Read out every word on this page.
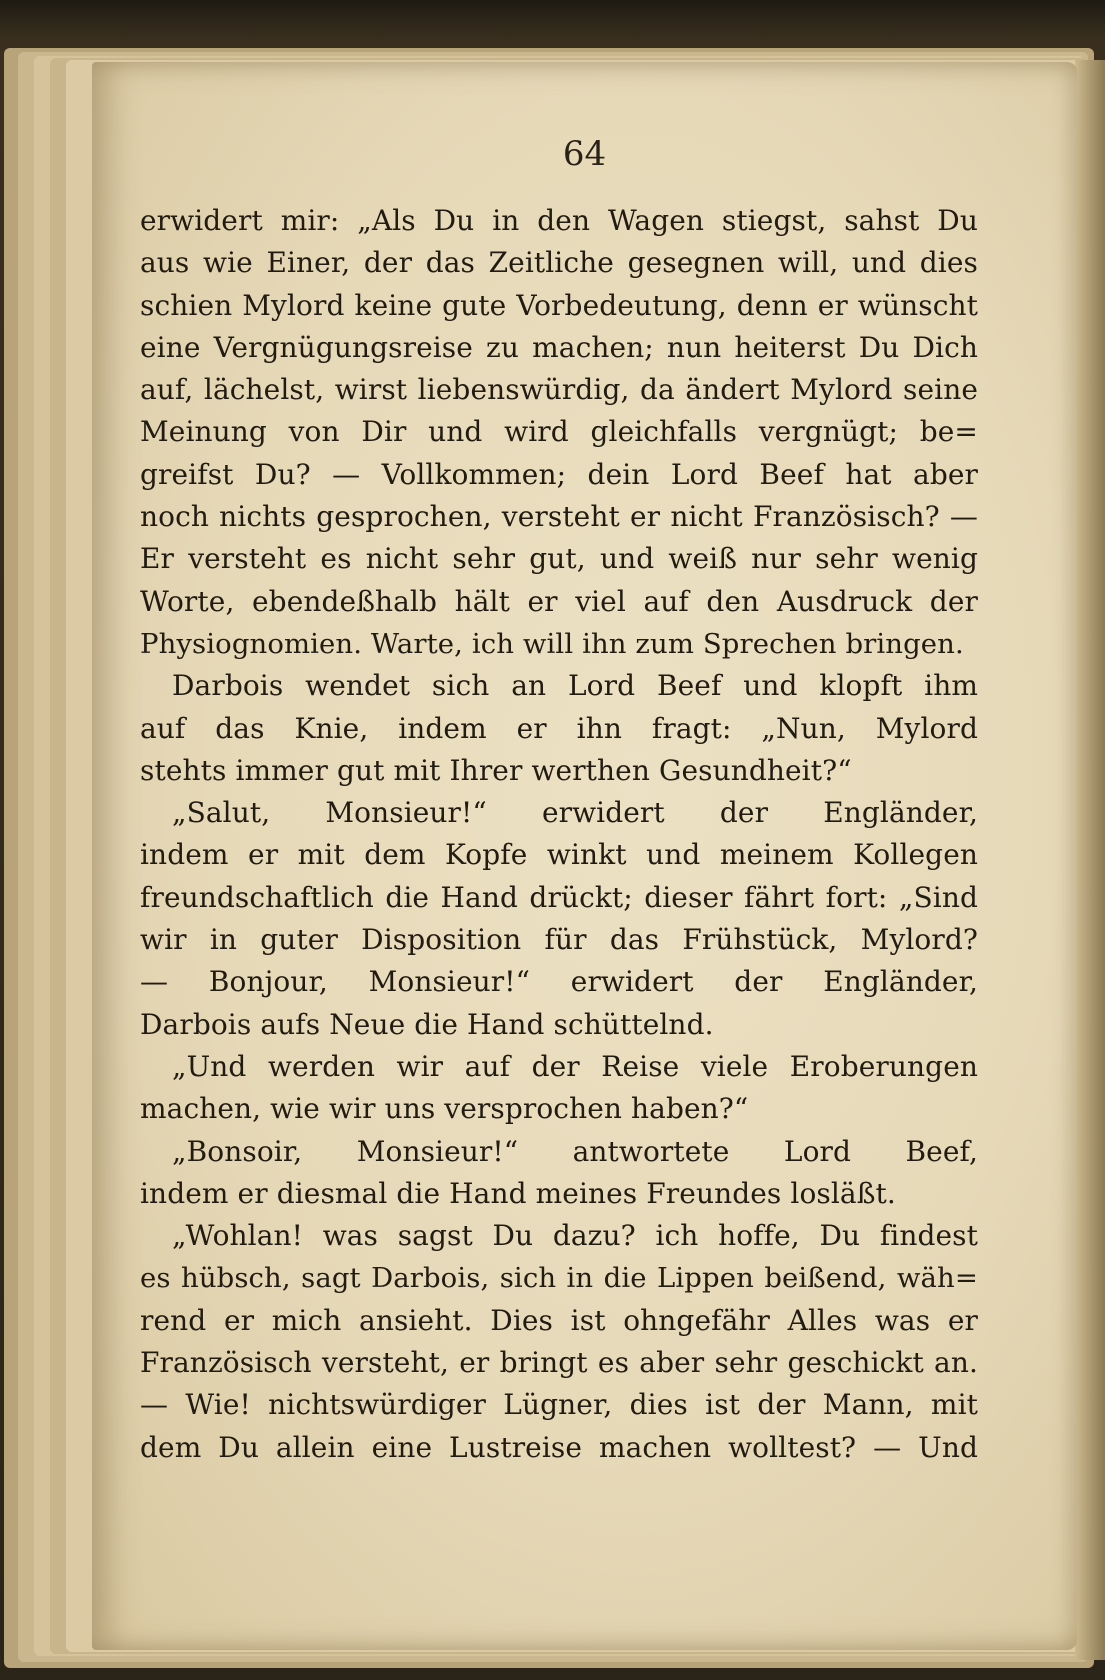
64
erwidert mir: „Als Du in den Wagen stiegst, sahst Du
aus wie Einer, der das Zeitliche gesegnen will, und dies
schien Mylord keine gute Vorbedeutung, denn er wünscht
eine Vergnügungsreise zu machen; nun heiterst Du Dich
auf, lächelst, wirst liebenswürdig, da ändert Mylord seine
Meinung von Dir und wird gleichfalls vergnügt; be=
greifst Du? — Vollkommen; dein Lord Beef hat aber
noch nichts gesprochen, versteht er nicht Französisch? —
Er versteht es nicht sehr gut, und weiß nur sehr wenig
Worte, ebendeßhalb hält er viel auf den Ausdruck der
Physiognomien. Warte, ich will ihn zum Sprechen bringen.
Darbois wendet sich an Lord Beef und klopft ihm
auf das Knie, indem er ihn fragt: „Nun, Mylord
stehts immer gut mit Ihrer werthen Gesundheit?“
„Salut, Monsieur!“ erwidert der Engländer,
indem er mit dem Kopfe winkt und meinem Kollegen
freundschaftlich die Hand drückt; dieser fährt fort: „Sind
wir in guter Disposition für das Frühstück, Mylord?
— Bonjour, Monsieur!“ erwidert der Engländer,
Darbois aufs Neue die Hand schüttelnd.
„Und werden wir auf der Reise viele Eroberungen
machen, wie wir uns versprochen haben?“
„Bonsoir, Monsieur!“ antwortete Lord Beef,
indem er diesmal die Hand meines Freundes losläßt.
„Wohlan! was sagst Du dazu? ich hoffe, Du findest
es hübsch, sagt Darbois, sich in die Lippen beißend, wäh=
rend er mich ansieht. Dies ist ohngefähr Alles was er
Französisch versteht, er bringt es aber sehr geschickt an.
— Wie! nichtswürdiger Lügner, dies ist der Mann, mit
dem Du allein eine Lustreise machen wolltest? — Und
